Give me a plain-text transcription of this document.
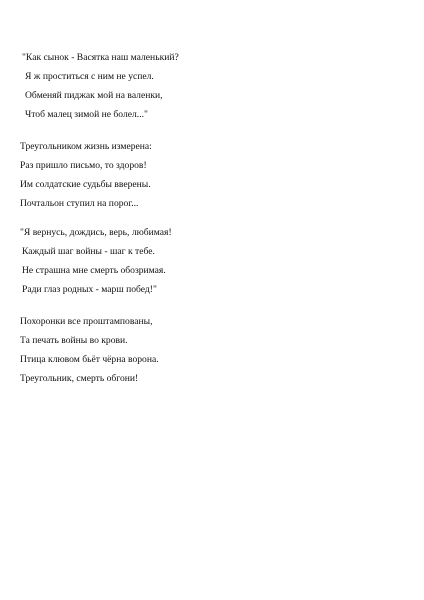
"Как сынок - Васятка наш маленький?
Я ж проститься с ним не успел.
Обменяй пиджак мой на валенки,
Чтоб малец зимой не болел..."
Треугольником жизнь измерена:
Раз пришло письмо, то здоров!
Им солдатские судьбы вверены.
Почтальон ступил на порог...
"Я вернусь, дождись, верь, любимая!
Каждый шаг войны - шаг к тебе.
Не страшна мне смерть обозримая.
Ради глаз родных - марш побед!"
Похоронки все проштампованы,
Та печать войны во крови.
Птица клювом бьёт чёрна ворона.
Треугольник, смерть обгони!
